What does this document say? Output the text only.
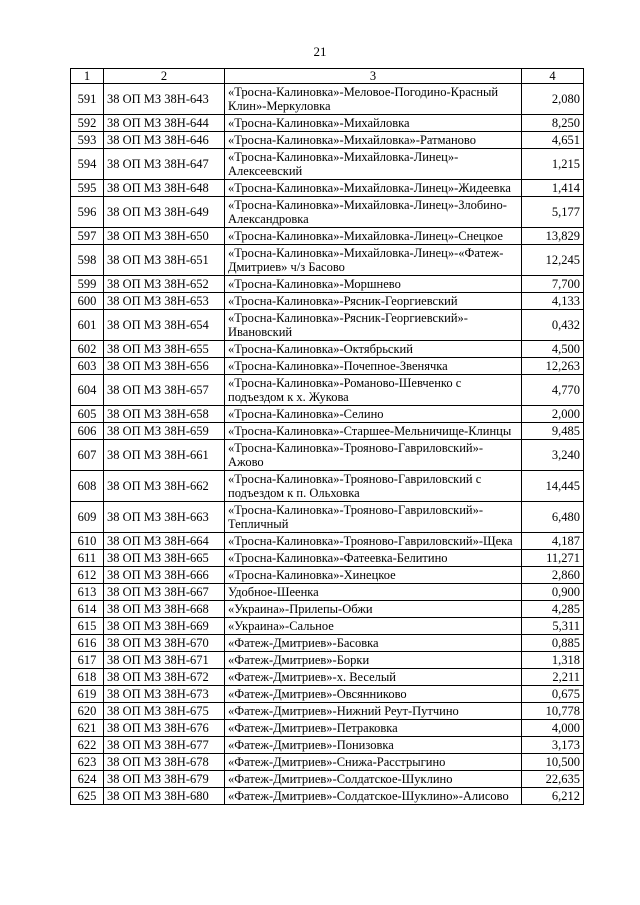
21
1	2	3	4
591	38 ОП МЗ 38Н-643	«Тросна-Калиновка»-Меловое-Погодино-Красный Клин»-Меркуловка	2,080
592	38 ОП МЗ 38Н-644	«Тросна-Калиновка»-Михайловка	8,250
593	38 ОП МЗ 38Н-646	«Тросна-Калиновка»-Михайловка»-Ратманово	4,651
594	38 ОП МЗ 38Н-647	«Тросна-Калиновка»-Михайловка-Линец»-Алексеевский	1,215
595	38 ОП МЗ 38Н-648	«Тросна-Калиновка»-Михайловка-Линец»-Жидеевка	1,414
596	38 ОП МЗ 38Н-649	«Тросна-Калиновка»-Михайловка-Линец»-Злобино-Александровка	5,177
597	38 ОП МЗ 38Н-650	«Тросна-Калиновка»-Михайловка-Линец»-Снецкое	13,829
598	38 ОП МЗ 38Н-651	«Тросна-Калиновка»-Михайловка-Линец»-«Фатеж-Дмитриев» ч/з Басово	12,245
599	38 ОП МЗ 38Н-652	«Тросна-Калиновка»-Моршнево	7,700
600	38 ОП МЗ 38Н-653	«Тросна-Калиновка»-Рясник-Георгиевский	4,133
601	38 ОП МЗ 38Н-654	«Тросна-Калиновка»-Рясник-Георгиевский»-Ивановский	0,432
602	38 ОП МЗ 38Н-655	«Тросна-Калиновка»-Октябрьский	4,500
603	38 ОП МЗ 38Н-656	«Тросна-Калиновка»-Почепное-Звенячка	12,263
604	38 ОП МЗ 38Н-657	«Тросна-Калиновка»-Романово-Шевченко с подъездом к х. Жукова	4,770
605	38 ОП МЗ 38Н-658	«Тросна-Калиновка»-Селино	2,000
606	38 ОП МЗ 38Н-659	«Тросна-Калиновка»-Старшее-Мельничище-Клинцы	9,485
607	38 ОП МЗ 38Н-661	«Тросна-Калиновка»-Трояново-Гавриловский»-Ажово	3,240
608	38 ОП МЗ 38Н-662	«Тросна-Калиновка»-Трояново-Гавриловский с подъездом к п. Ольховка	14,445
609	38 ОП МЗ 38Н-663	«Тросна-Калиновка»-Трояново-Гавриловский»-Тепличный	6,480
610	38 ОП МЗ 38Н-664	«Тросна-Калиновка»-Трояново-Гавриловский»-Щека	4,187
611	38 ОП МЗ 38Н-665	«Тросна-Калиновка»-Фатеевка-Белитино	11,271
612	38 ОП МЗ 38Н-666	«Тросна-Калиновка»-Хинецкое	2,860
613	38 ОП МЗ 38Н-667	Удобное-Шеенка	0,900
614	38 ОП МЗ 38Н-668	«Украина»-Прилепы-Обжи	4,285
615	38 ОП МЗ 38Н-669	«Украина»-Сальное	5,311
616	38 ОП МЗ 38Н-670	«Фатеж-Дмитриев»-Басовка	0,885
617	38 ОП МЗ 38Н-671	«Фатеж-Дмитриев»-Борки	1,318
618	38 ОП МЗ 38Н-672	«Фатеж-Дмитриев»-х. Веселый	2,211
619	38 ОП МЗ 38Н-673	«Фатеж-Дмитриев»-Овсянниково	0,675
620	38 ОП МЗ 38Н-675	«Фатеж-Дмитриев»-Нижний Реут-Путчино	10,778
621	38 ОП МЗ 38Н-676	«Фатеж-Дмитриев»-Петраковка	4,000
622	38 ОП МЗ 38Н-677	«Фатеж-Дмитриев»-Понизовка	3,173
623	38 ОП МЗ 38Н-678	«Фатеж-Дмитриев»-Снижа-Расстрыгино	10,500
624	38 ОП МЗ 38Н-679	«Фатеж-Дмитриев»-Солдатское-Шуклино	22,635
625	38 ОП МЗ 38Н-680	«Фатеж-Дмитриев»-Солдатское-Шуклино»-Алисово	6,212
